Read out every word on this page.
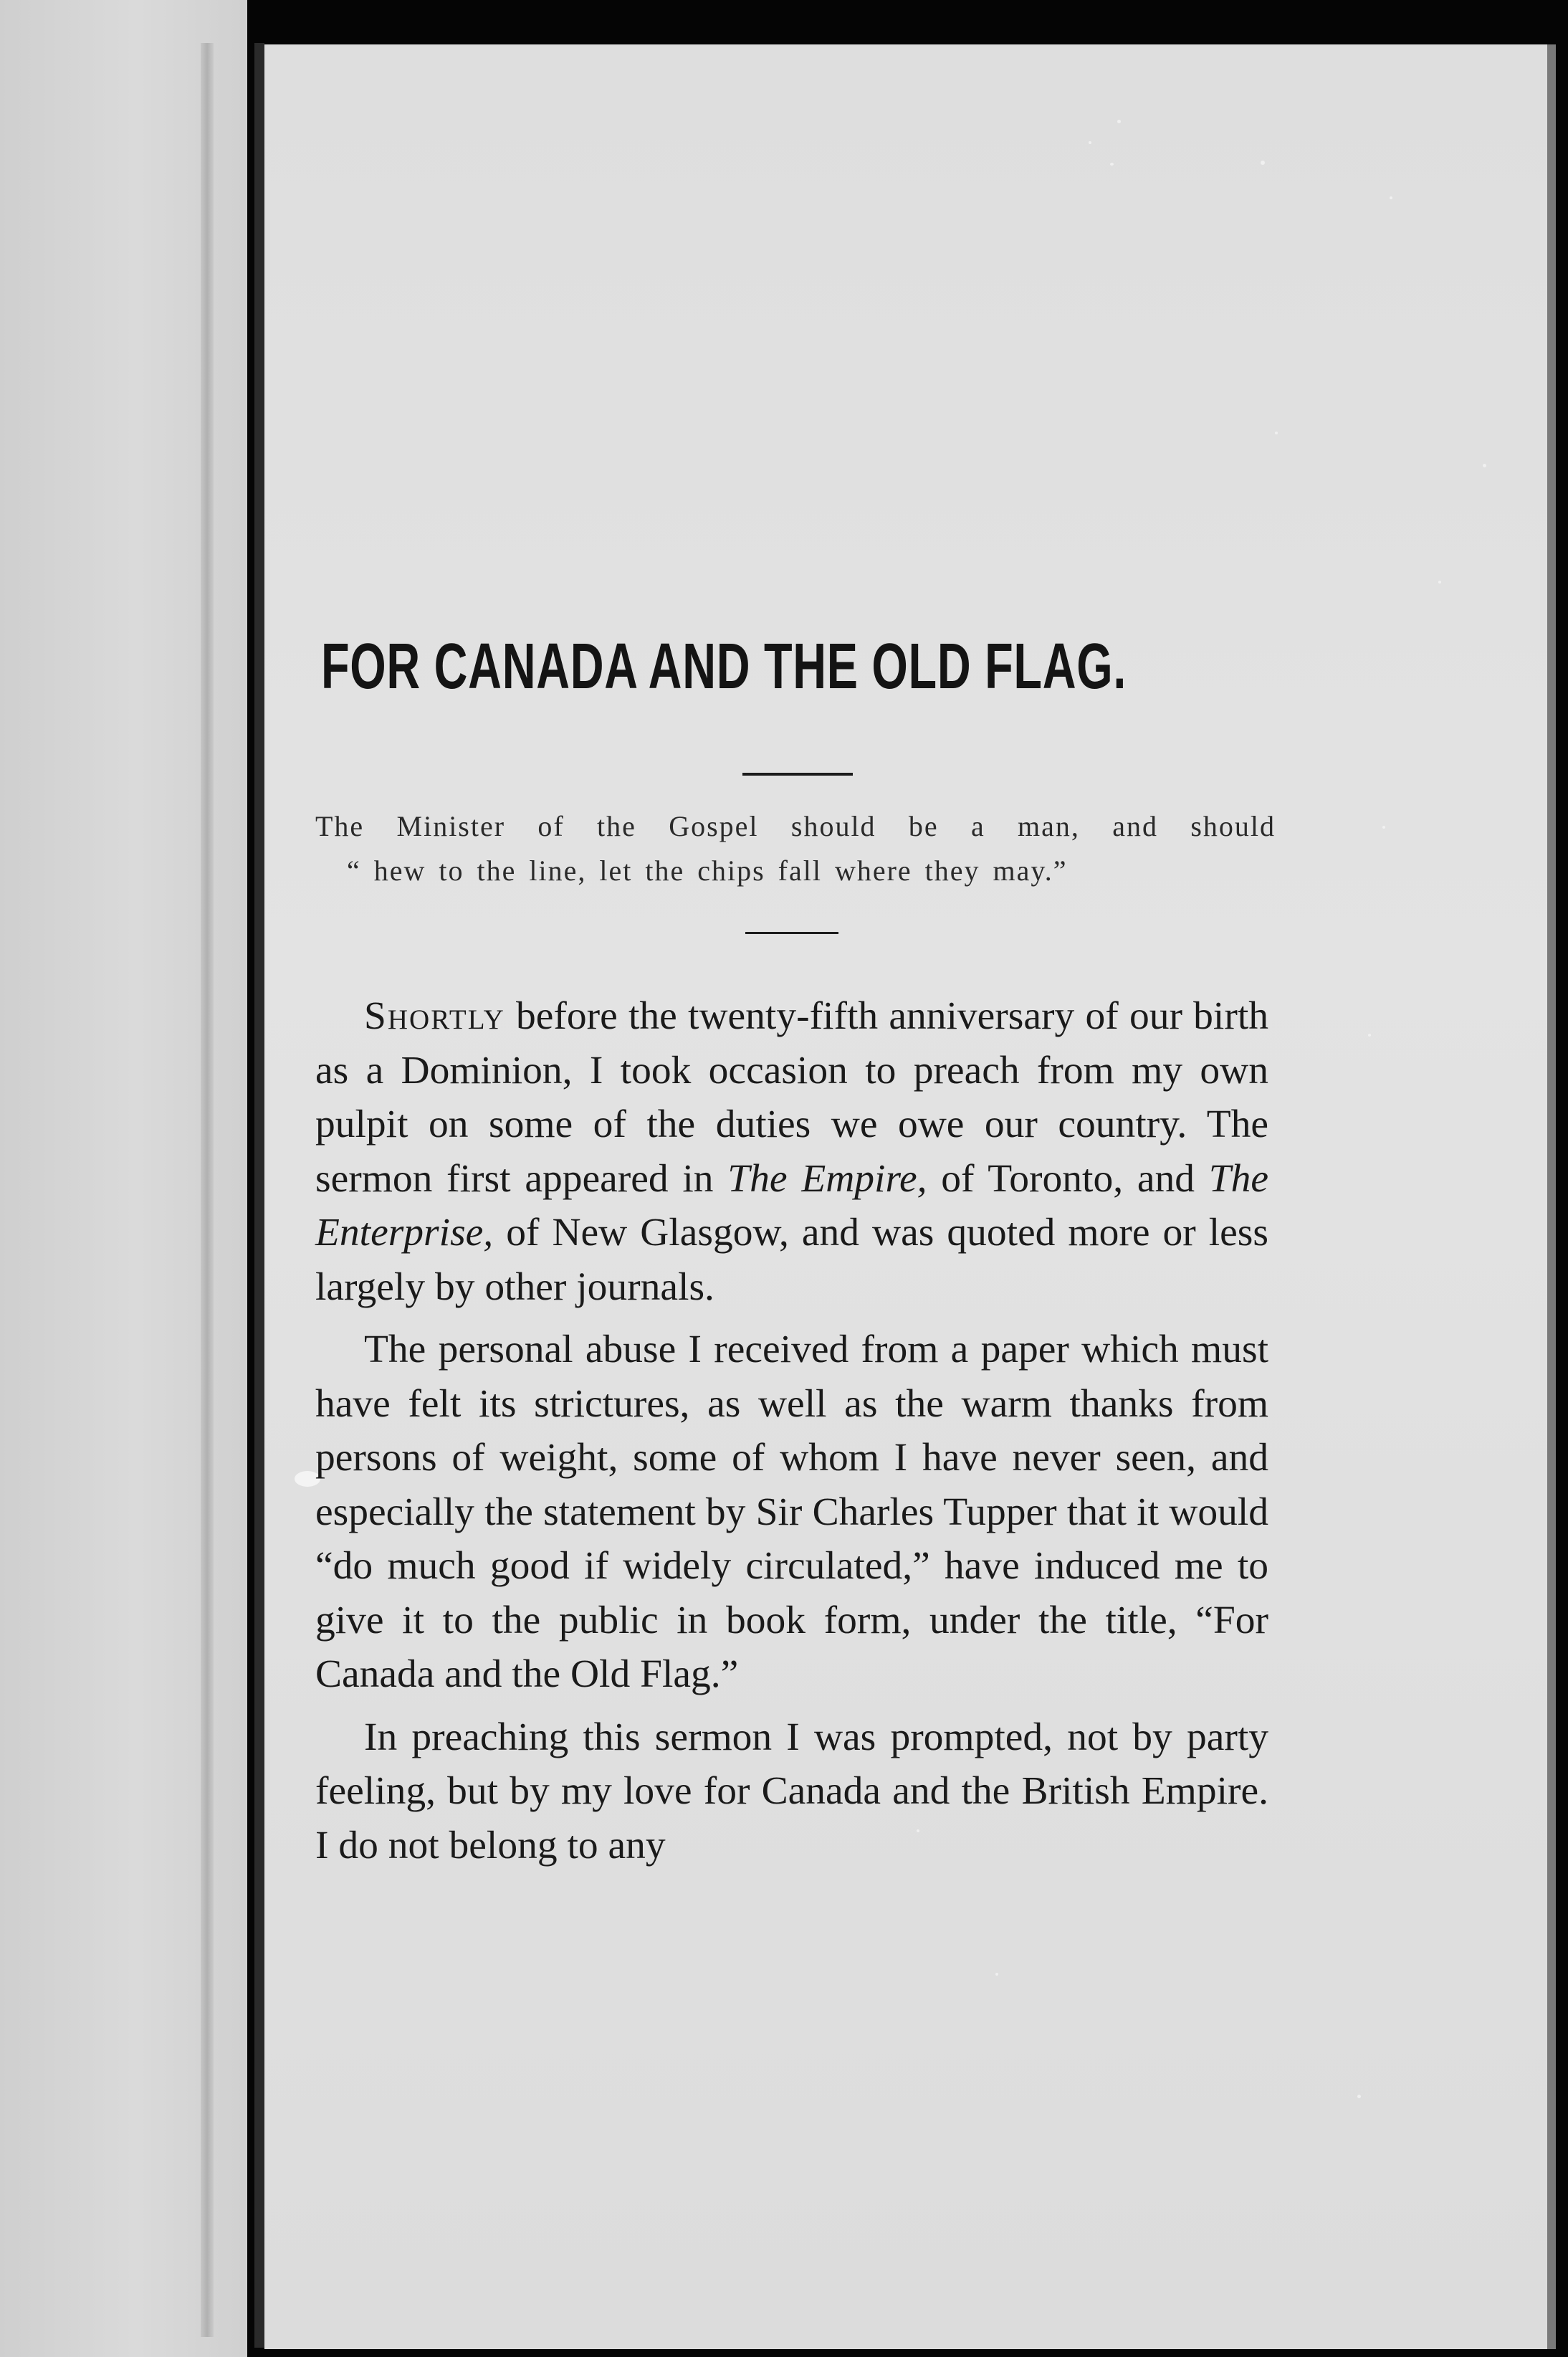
FOR CANADA AND THE OLD FLAG.
The Minister of the Gospel should be a man, and should
“ hew to the line, let the chips fall where they may.”

Shortly before the twenty-fifth anniversary of our birth as a Dominion, I took occasion to preach from my own pulpit on some of the duties we owe our country. The sermon first appeared in The Empire, of Toronto, and The Enterprise, of New Glasgow, and was quoted more or less largely by other journals.

The personal abuse I received from a paper which must have felt its strictures, as well as the warm thanks from persons of weight, some of whom I have never seen, and especially the statement by Sir Charles Tupper that it would “do much good if widely circulated,” have induced me to give it to the public in book form, under the title, “For Canada and the Old Flag.”

In preaching this sermon I was prompted, not by party feeling, but by my love for Canada and the British Empire. I do not belong to any
